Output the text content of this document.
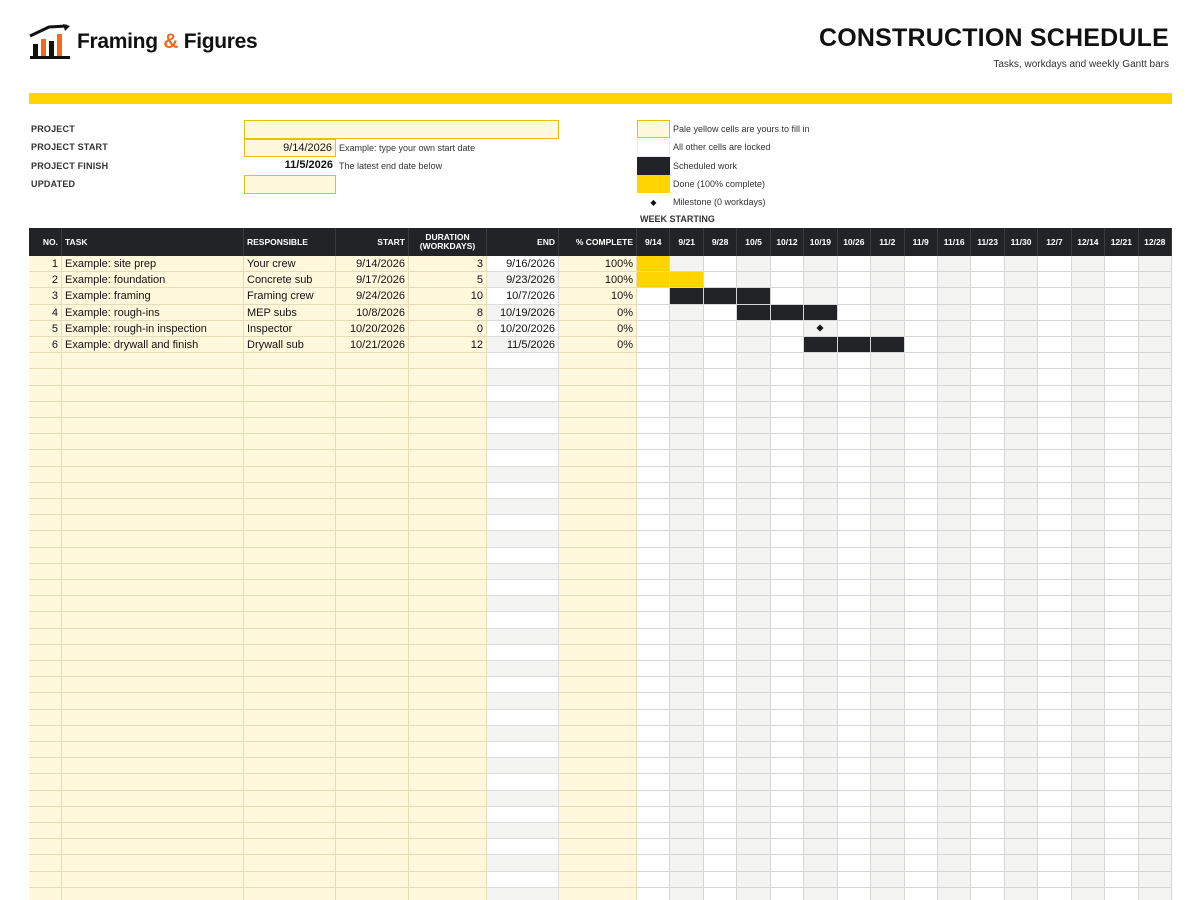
Framing & Figures	CONSTRUCTION SCHEDULE
Tasks, workdays and weekly Gantt bars
PROJECT
PROJECT START	9/14/2026 Example: type your own start date
PROJECT FINISH	11/5/2026 The latest end date below
UPDATED
Pale yellow cells are yours to fill in
All other cells are locked
Scheduled work
Done (100% complete)
◆	Milestone (0 workdays)
WEEK STARTING
NO. TASK	RESPONSIBLE	START	DURATION
(WORKDAYS)	END	% COMPLETE	9/14	9/21	9/28	10/5	10/12	10/19	10/26	11/2	11/9	11/16	11/23	11/30	12/7	12/14	12/21	12/28
1 Example: site prep	Your crew	9/14/2026	3	9/16/2026	100%
2 Example: foundation	Concrete sub	9/17/2026	5	9/23/2026	100%
3 Example: framing	Framing crew	9/24/2026	10	10/7/2026	10%
4 Example: rough-ins	MEP subs	10/8/2026	8	10/19/2026	0%
5 Example: rough-in inspection	Inspector	10/20/2026	0	10/20/2026	0%
6 Example: drywall and finish	Drywall sub	10/21/2026	12	11/5/2026	0%
